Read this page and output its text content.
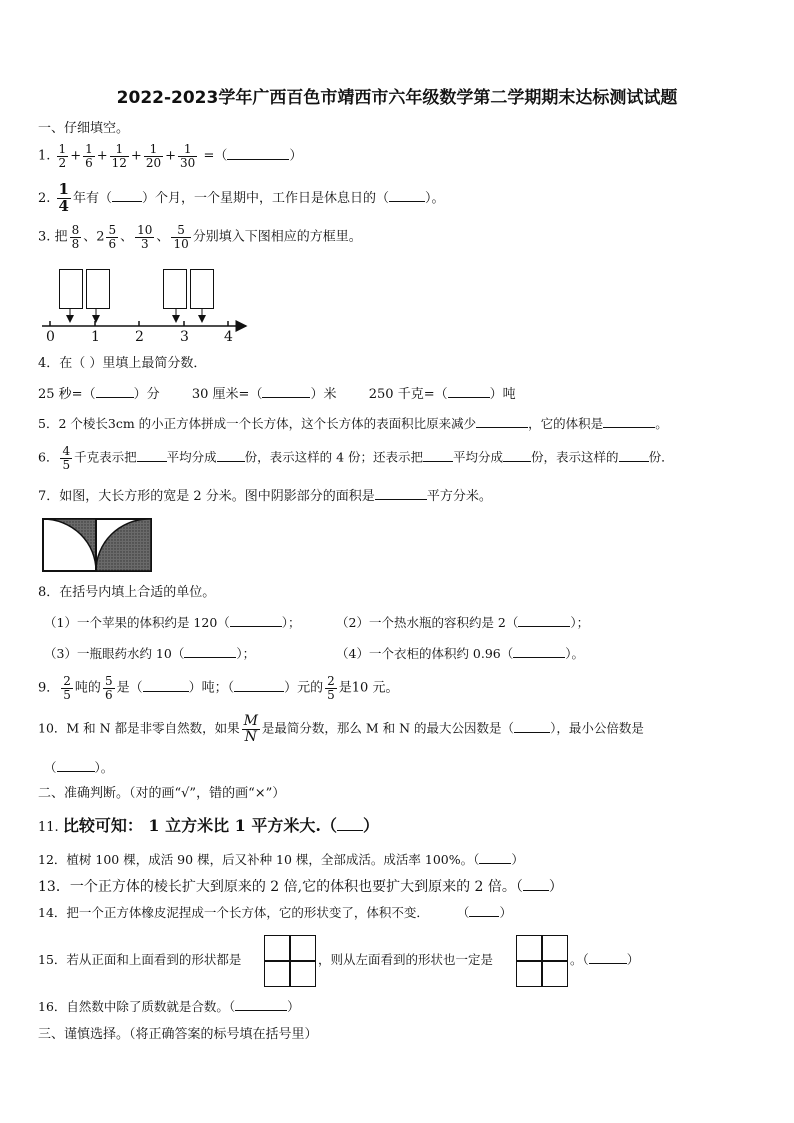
2022-2023学年广西百色市靖西市六年级数学第二学期期末达标测试试题
一、仔细填空。
1. $\frac{1}{2} + \frac{1}{6} + \frac{1}{12} + \frac{1}{20} + \frac{1}{30}$ =（	）
2. $\frac{1}{4}$ 年有（ ）个月，一个星期中，工作日是休息日的（	）。
3. 把 $\frac{8}{8}$ 、$2 \frac{5}{6}$ 、 $\frac{10}{3}$ 、 $\frac{5}{10}$ 分别填入下图相应的方框里。
0	1	2	3	4
4．在（ ）里填上最简分数．
25 秒=（	）分 30 厘米=（	）米 250 千克=（	）吨
5．2 个棱长3cm 的小正方体拼成一个长方体，这个长方体的表面积比原来减少	，它的体积是	。
6． $\frac{4}{5}$ 千克表示把 平均分成 份，表示这样的 4 份；还表示把 平均分成 份，表示这样的 份．
7．如图，大长方形的宽是 2 分米。图中阴影部分的面积是	平方分米。
8．在括号内填上合适的单位。
（1）一个苹果的体积约是 120（	）；	（2）一个热水瓶的容积约是 2（	）；
（3）一瓶眼药水约 10（	）；	（4）一个衣柜的体积约 0.96（	）。
9． $\frac{2}{5}$ 吨的 $\frac{5}{6}$ 是（	）吨；（	）元的 $\frac{2}{5}$ 是10 元。
10．M 和 N 都是非零自然数，如果 $\frac{M}{N}$ 是最简分数，那么 M 和 N 的最大公因数是（	），最小公倍数是
（	）。
二、准确判断。（对的画“√”，错的画“×”）
11. 比较可知： 1 立方米比 1 平方米大.（ ）
12．植树 100 棵，成活 90 棵，后又补种 10 棵，全部成活。成活率 100%。（	）
13．一个正方体的棱长扩大到原来的 2 倍,它的体积也要扩大到原来的 2 倍。（ ）
14．把一个正方体橡皮泥捏成一个长方体，它的形状变了，体积不变． （ ）
15．若从正面和上面看到的形状都是	，则从左面看到的形状也一定是	。（	）
16．自然数中除了质数就是合数。（	）
三、谨慎选择。（将正确答案的标号填在括号里）
